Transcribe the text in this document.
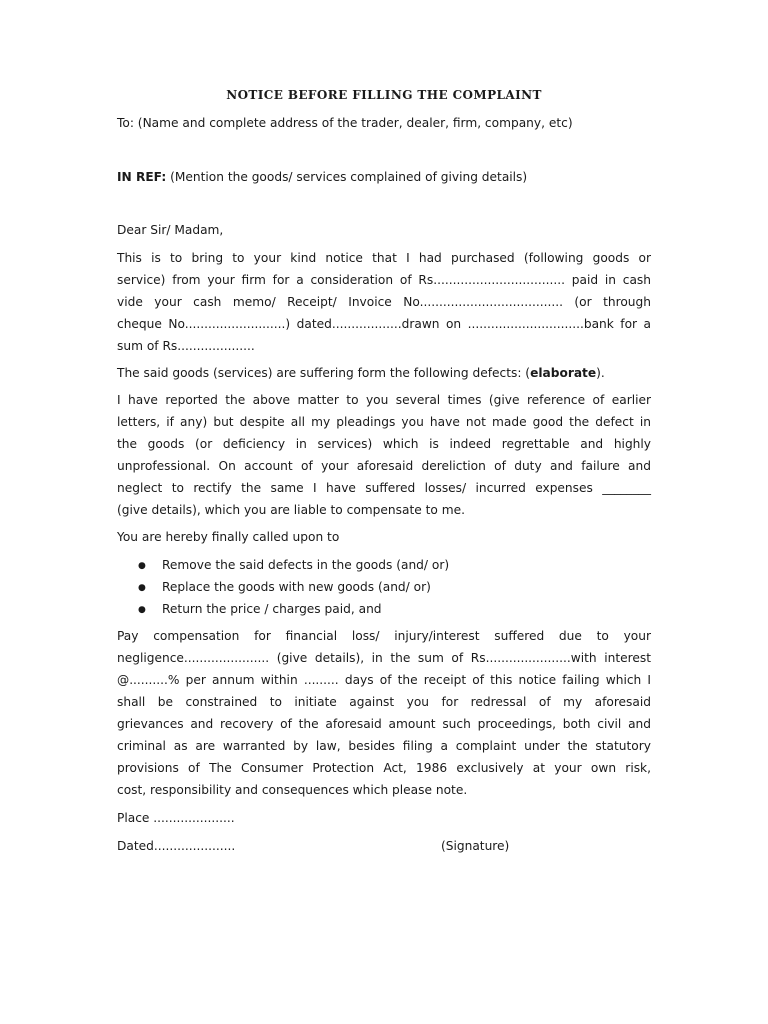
NOTICE BEFORE FILLING THE COMPLAINT

To: (Name and complete address of the trader, dealer, firm, company, etc)

IN REF: (Mention the goods/ services complained of giving details)

Dear Sir/ Madam,

This is to bring to your kind notice that I had purchased (following goods or

service) from your firm for a consideration of Rs.................................. paid in cash

vide your cash memo/ Receipt/ Invoice No..................................... (or through

cheque No..........................) dated..................drawn on ..............................bank for a

sum of Rs....................

The said goods (services) are suffering form the following defects: (elaborate).

I have reported the above matter to you several times (give reference of earlier

letters, if any) but despite all my pleadings you have not made good the defect in

the goods (or deficiency in services) which is indeed regrettable and highly

unprofessional. On account of your aforesaid dereliction of duty and failure and

neglect to rectify the same I have suffered losses/ incurred expenses ________

(give details), which you are liable to compensate to me.

You are hereby finally called upon to

● Remove the said defects in the goods (and/ or)
● Replace the goods with new goods (and/ or)
● Return the price / charges paid, and

Pay compensation for financial loss/ injury/interest suffered due to your

negligence...................... (give details), in the sum of Rs......................with interest

@..........% per annum within ......... days of the receipt of this notice failing which I

shall be constrained to initiate against you for redressal of my aforesaid

grievances and recovery of the aforesaid amount such proceedings, both civil and

criminal as are warranted by law, besides filing a complaint under the statutory

provisions of The Consumer Protection Act, 1986 exclusively at your own risk,

cost, responsibility and consequences which please note.

Place .....................

Dated.....................	(Signature)
